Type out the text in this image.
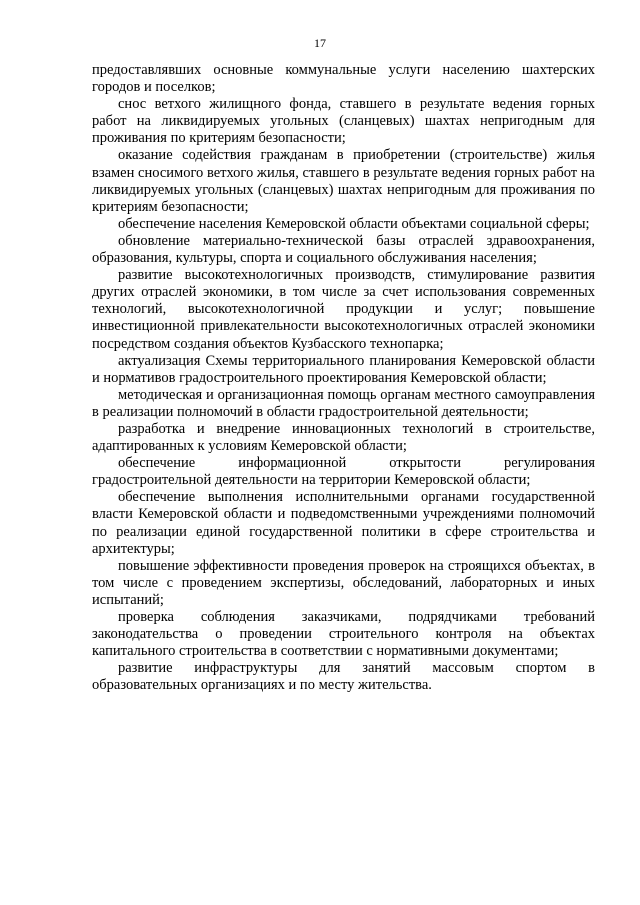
17

предоставлявших основные коммунальные услуги населению шахтерских городов и поселков;

снос ветхого жилищного фонда, ставшего в результате ведения горных работ на ликвидируемых угольных (сланцевых) шахтах непригодным для проживания по критериям безопасности;

оказание содействия гражданам в приобретении (строительстве) жилья взамен сносимого ветхого жилья, ставшего в результате ведения горных работ на ликвидируемых угольных (сланцевых) шахтах непригодным для проживания по критериям безопасности;

обеспечение населения Кемеровской области объектами социальной сферы;

обновление материально-технической базы отраслей здравоохранения, образования, культуры, спорта и социального обслуживания населения;

развитие высокотехнологичных производств, стимулирование развития других отраслей экономики, в том числе за счет использования современных технологий, высокотехнологичной продукции и услуг; повышение инвестиционной привлекательности высокотехнологичных отраслей экономики посредством создания объектов Кузбасского технопарка;

актуализация Схемы территориального планирования Кемеровской области и нормативов градостроительного проектирования Кемеровской области;

методическая и организационная помощь органам местного самоуправления в реализации полномочий в области градостроительной деятельности;

разработка и внедрение инновационных технологий в строительстве, адаптированных к условиям Кемеровской области;

обеспечение информационной открытости регулирования градостроительной деятельности на территории Кемеровской области;

обеспечение выполнения исполнительными органами государственной власти Кемеровской области и подведомственными учреждениями полномочий по реализации единой государственной политики в сфере строительства и архитектуры;

повышение эффективности проведения проверок на строящихся объектах, в том числе с проведением экспертизы, обследований, лабораторных и иных испытаний;

проверка соблюдения заказчиками, подрядчиками требований законодательства о проведении строительного контроля на объектах капитального строительства в соответствии с нормативными документами;

развитие инфраструктуры для занятий массовым спортом в образовательных организациях и по месту жительства.
